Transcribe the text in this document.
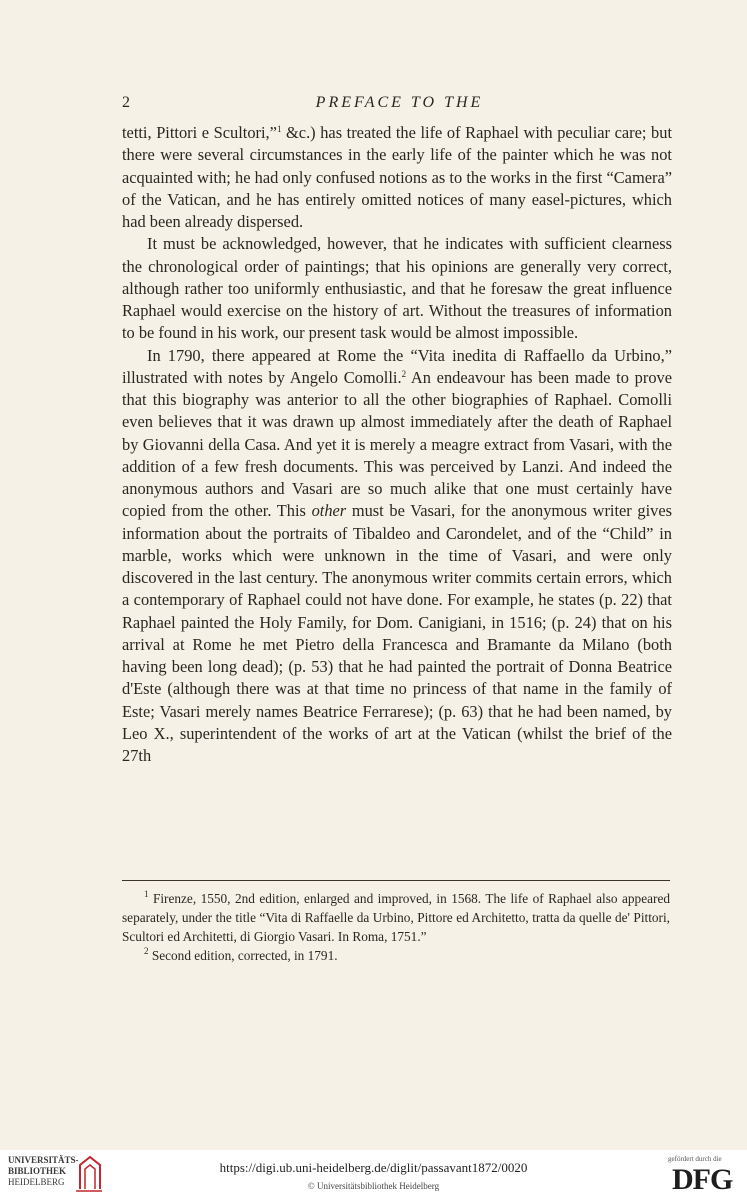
2	PREFACE TO THE

tetti, Pittori e Scultori,”$^1$ &c.) has treated the life of Raphael with peculiar care; but there were several circumstances in the early life of the painter which he was not acquainted with; he had only confused notions as to the works in the first “Camera” of the Vatican, and he has entirely omitted notices of many easel-pictures, which had been already dispersed.

It must be acknowledged, however, that he indicates with sufficient clearness the chronological order of paintings; that his opinions are generally very correct, although rather too uniformly enthusiastic, and that he foresaw the great influence Raphael would exercise on the history of art. Without the treasures of information to be found in his work, our present task would be almost impossible.

In 1790, there appeared at Rome the “Vita inedita di Raffaello da Urbino,” illustrated with notes by Angelo Comolli.$^2$ An endeavour has been made to prove that this biography was anterior to all the other biographies of Raphael. Comolli even believes that it was drawn up almost immediately after the death of Raphael by Giovanni della Casa. And yet it is merely a meagre extract from Vasari, with the addition of a few fresh documents. This was perceived by Lanzi. And indeed the anonymous authors and Vasari are so much alike that one must certainly have copied from the other. This other must be Vasari, for the anonymous writer gives information about the portraits of Tibaldeo and Carondelet, and of the “Child” in marble, works which were unknown in the time of Vasari, and were only discovered in the last century. The anonymous writer commits certain errors, which a contemporary of Raphael could not have done. For example, he states (p. 22) that Raphael painted the Holy Family, for Dom. Canigiani, in 1516; (p. 24) that on his arrival at Rome he met Pietro della Francesca and Bramante da Milano (both having been long dead); (p. 53) that he had painted the portrait of Donna Beatrice d'Este (although there was at that time no princess of that name in the family of Este; Vasari merely names Beatrice Ferrarese); (p. 63) that he had been named, by Leo X., superintendent of the works of art at the Vatican (whilst the brief of the 27th

$^1$ Firenze, 1550, 2nd edition, enlarged and improved, in 1568. The life of Raphael also appeared separately, under the title “Vita di Raffaelle da Urbino, Pittore ed Architetto, tratta da quelle de' Pittori, Scultori ed Architetti, di Giorgio Vasari. In Roma, 1751.”

$^2$ Second edition, corrected, in 1791.

UNIVERSITÄTS-
BIBLIOTHEK
HEIDELBERG
https://digi.ub.uni-heidelberg.de/diglit/passavant1872/0020
© Universitätsbibliothek Heidelberg
gefördert durch die
DFG
